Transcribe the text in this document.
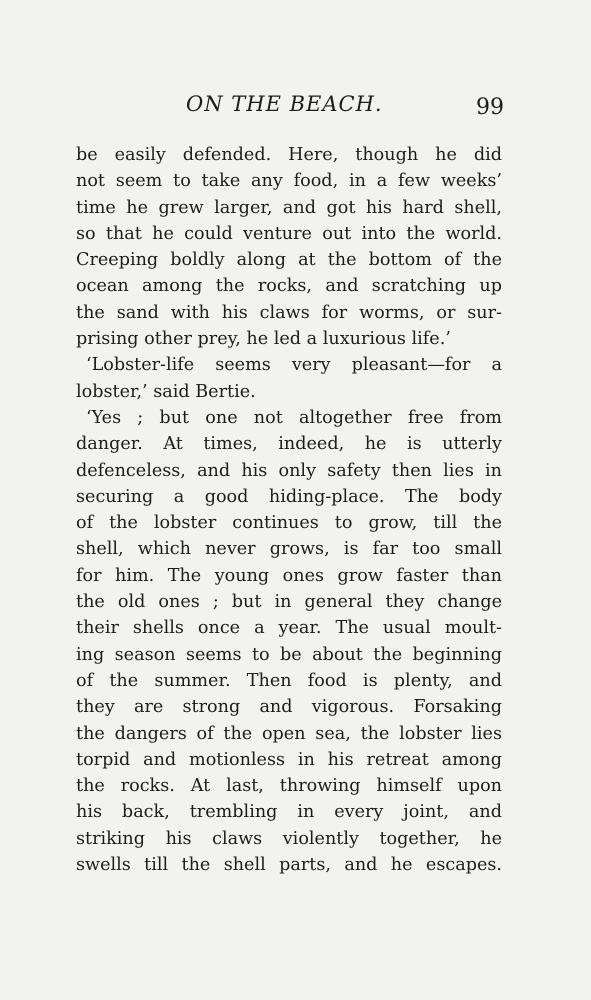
ON THE BEACH.	99
be easily defended. Here, though he did
not seem to take any food, in a few weeks’
time he grew larger, and got his hard shell,
so that he could venture out into the world.
Creeping boldly along at the bottom of the
ocean among the rocks, and scratching up
the sand with his claws for worms, or sur-
prising other prey, he led a luxurious life.’
‘Lobster-life seems very pleasant—for a
lobster,’ said Bertie.
‘Yes ; but one not altogether free from
danger. At times, indeed, he is utterly
defenceless, and his only safety then lies in
securing a good hiding-place. The body
of the lobster continues to grow, till the
shell, which never grows, is far too small
for him. The young ones grow faster than
the old ones ; but in general they change
their shells once a year. The usual moult-
ing season seems to be about the beginning
of the summer. Then food is plenty, and
they are strong and vigorous. Forsaking
the dangers of the open sea, the lobster lies
torpid and motionless in his retreat among
the rocks. At last, throwing himself upon
his back, trembling in every joint, and
striking his claws violently together, he
swells till the shell parts, and he escapes.
